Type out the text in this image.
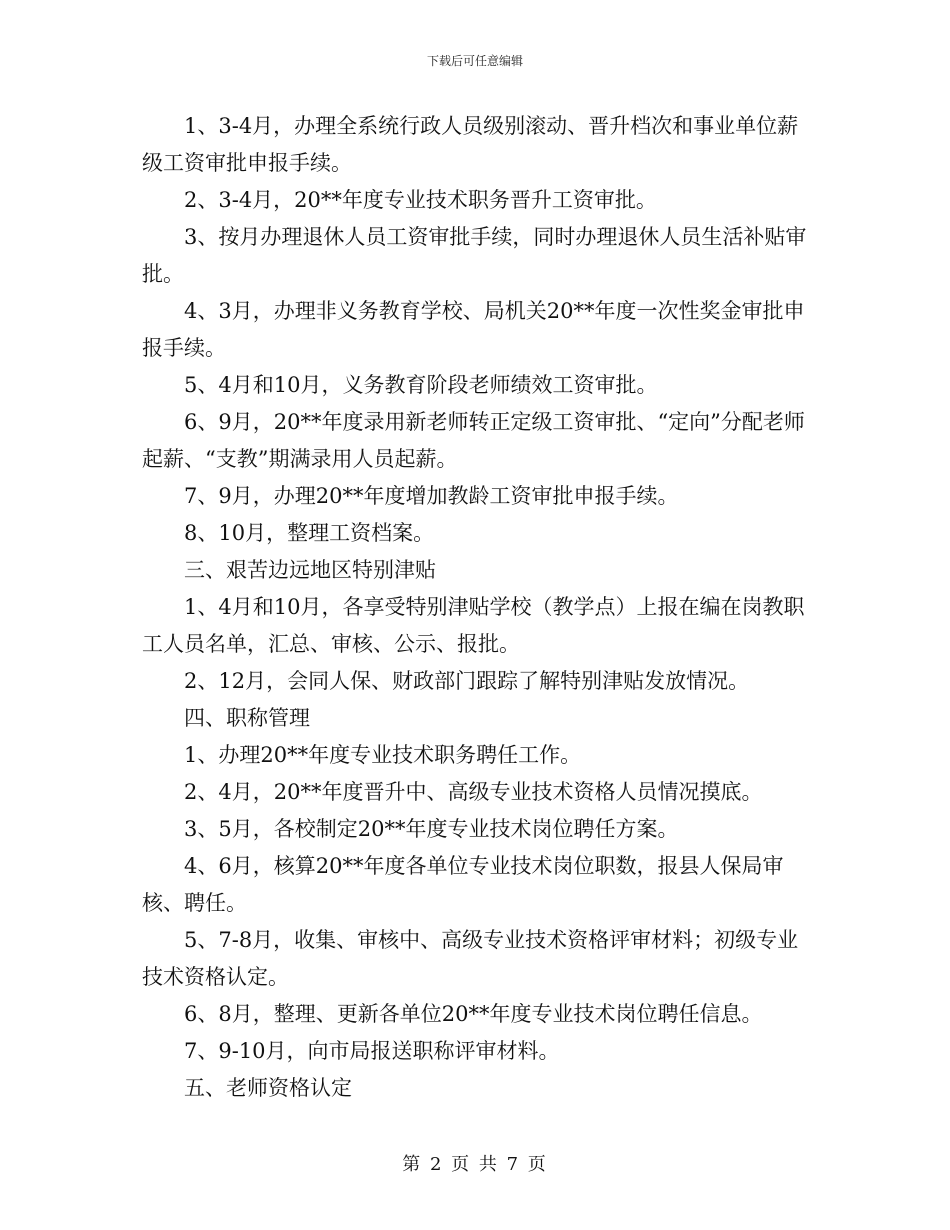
下载后可任意编辑

1、3-4月，办理全系统行政人员级别滚动、晋升档次和事业单位薪级工资审批申报手续。

2、3-4月，20**年度专业技术职务晋升工资审批。

3、按月办理退休人员工资审批手续，同时办理退休人员生活补贴审批。

4、3月，办理非义务教育学校、局机关20**年度一次性奖金审批申报手续。

5、4月和10月，义务教育阶段老师绩效工资审批。

6、9月，20**年度录用新老师转正定级工资审批、“定向”分配老师起薪、“支教”期满录用人员起薪。

7、9月，办理20**年度增加教龄工资审批申报手续。

8、10月，整理工资档案。

三、艰苦边远地区特别津贴

1、4月和10月，各享受特别津贴学校（教学点）上报在编在岗教职工人员名单，汇总、审核、公示、报批。

2、12月，会同人保、财政部门跟踪了解特别津贴发放情况。

四、职称管理

1、办理20**年度专业技术职务聘任工作。

2、4月，20**年度晋升中、高级专业技术资格人员情况摸底。

3、5月，各校制定20**年度专业技术岗位聘任方案。

4、6月，核算20**年度各单位专业技术岗位职数，报县人保局审核、聘任。

5、7-8月，收集、审核中、高级专业技术资格评审材料；初级专业技术资格认定。

6、8月，整理、更新各单位20**年度专业技术岗位聘任信息。

7、9-10月，向市局报送职称评审材料。

五、老师资格认定

第 2 页 共 7 页
